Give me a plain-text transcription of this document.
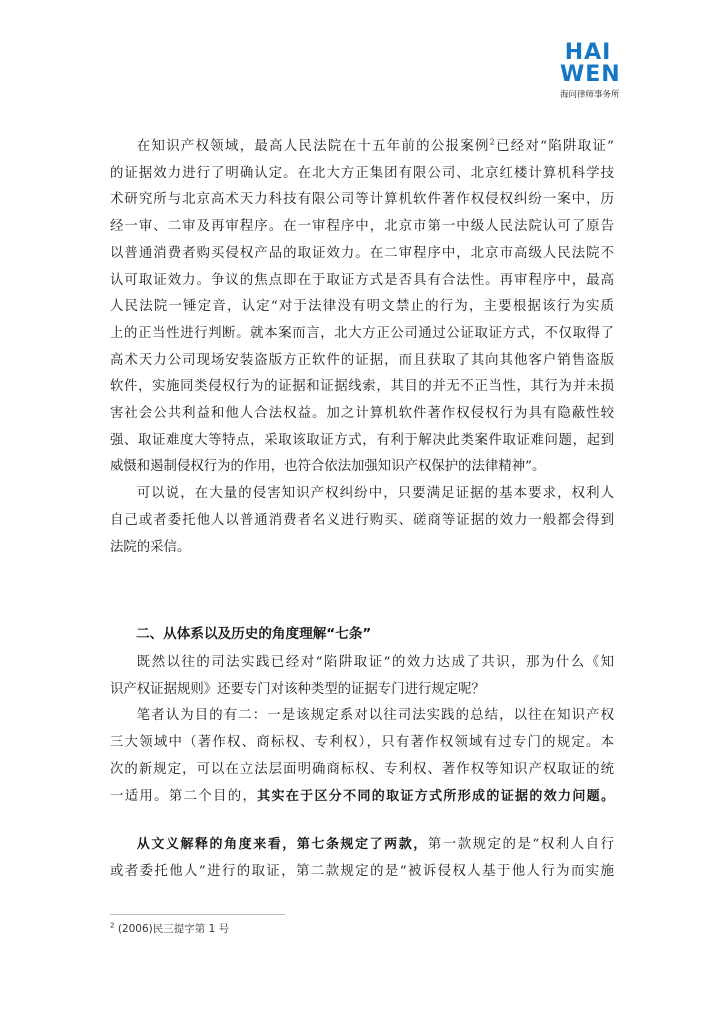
HAI
WEN
海问律师事务所
在知识产权领域，最高人民法院在十五年前的公报案例$^2$已经对“陷阱取证”
的证据效力进行了明确认定。在北大方正集团有限公司、北京红楼计算机科学技
术研究所与北京高术天力科技有限公司等计算机软件著作权侵权纠纷一案中，历
经一审、二审及再审程序。在一审程序中，北京市第一中级人民法院认可了原告
以普通消费者购买侵权产品的取证效力。在二审程序中，北京市高级人民法院不
认可取证效力。争议的焦点即在于取证方式是否具有合法性。再审程序中，最高
人民法院一锤定音，认定“对于法律没有明文禁止的行为，主要根据该行为实质
上的正当性进行判断。就本案而言，北大方正公司通过公证取证方式，不仅取得了
高术天力公司现场安装盗版方正软件的证据，而且获取了其向其他客户销售盗版
软件，实施同类侵权行为的证据和证据线索，其目的并无不正当性，其行为并未损
害社会公共利益和他人合法权益。加之计算机软件著作权侵权行为具有隐蔽性较
强、取证难度大等特点，采取该取证方式，有利于解决此类案件取证难问题，起到
威慑和遏制侵权行为的作用，也符合依法加强知识产权保护的法律精神”。
可以说，在大量的侵害知识产权纠纷中，只要满足证据的基本要求，权利人
自己或者委托他人以普通消费者名义进行购买、磋商等证据的效力一般都会得到
法院的采信。

二、从体系以及历史的角度理解“七条”

既然以往的司法实践已经对“陷阱取证”的效力达成了共识，那为什么《知
识产权证据规则》还要专门对该种类型的证据专门进行规定呢？
笔者认为目的有二：一是该规定系对以往司法实践的总结，以往在知识产权
三大领域中（著作权、商标权、专利权），只有著作权领域有过专门的规定。本
次的新规定，可以在立法层面明确商标权、专利权、著作权等知识产权取证的统
一适用。第二个目的，其实在于区分不同的取证方式所形成的证据的效力问题。
从文义解释的角度来看，第七条规定了两款，第一款规定的是“权利人自行
或者委托他人”进行的取证，第二款规定的是“被诉侵权人基于他人行为而实施
$^2$ (2006)民三提字第 1 号
